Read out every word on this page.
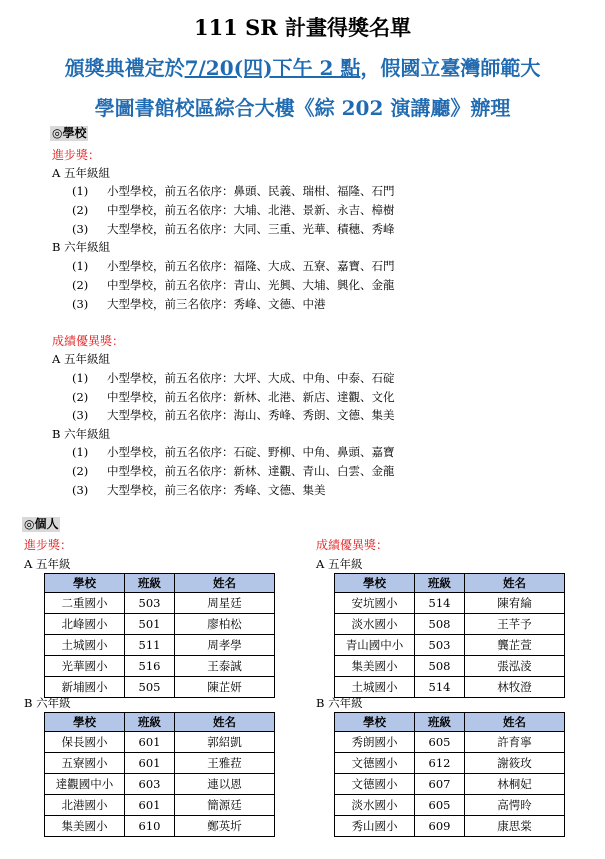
111 SR 計畫得獎名單
頒獎典禮定於7/20(四)下午 2 點，假國立臺灣師範大
學圖書館校區綜合大樓《綜 202 演講廳》辦理
◎學校
進步獎：
A 五年級組
(1) 小型學校，前五名依序：鼻頭、民義、瑞柑、福隆、石門
(2) 中型學校，前五名依序：大埔、北港、景新、永吉、樟樹
(3) 大型學校，前五名依序：大同、三重、光華、積穗、秀峰
B 六年級組
(1) 小型學校，前五名依序：福隆、大成、五寮、嘉寶、石門
(2) 中型學校，前五名依序：青山、光興、大埔、興化、金龍
(3) 大型學校，前三名依序：秀峰、文德、中港
成績優異獎：
A 五年級組
(1) 小型學校，前五名依序：大坪、大成、中角、中泰、石碇
(2) 中型學校，前五名依序：新林、北港、新店、達觀、文化
(3) 大型學校，前五名依序：海山、秀峰、秀朗、文德、集美
B 六年級組
(1) 小型學校，前五名依序：石碇、野柳、中角、鼻頭、嘉寶
(2) 中型學校，前五名依序：新林、達觀、青山、白雲、金龍
(3) 大型學校，前三名依序：秀峰、文德、集美
◎個人
進步獎：	成績優異獎：
A 五年級	A 五年級
學校	班級	姓名
二重國小	503	周星廷
北峰國小	501	廖柏松
土城國小	511	周孝學
光華國小	516	王泰誠
新埔國小	505	陳芷妍
學校	班級	姓名
安坑國小	514	陳宥綸
淡水國小	508	王芊予
青山國中小	503	龔芷萱
集美國小	508	張泓淩
土城國小	514	林牧澄
B 六年級	B 六年級
學校	班級	姓名
保長國小	601	郭紹凱
五寮國小	601	王雅菈
達觀國中小	603	連以恩
北港國小	601	簡源廷
集美國小	610	鄭英圻
學校	班級	姓名
秀朗國小	605	許育寧
文德國小	612	謝筱玫
文德國小	607	林桐妃
淡水國小	605	高愕昤
秀山國小	609	康思棠
